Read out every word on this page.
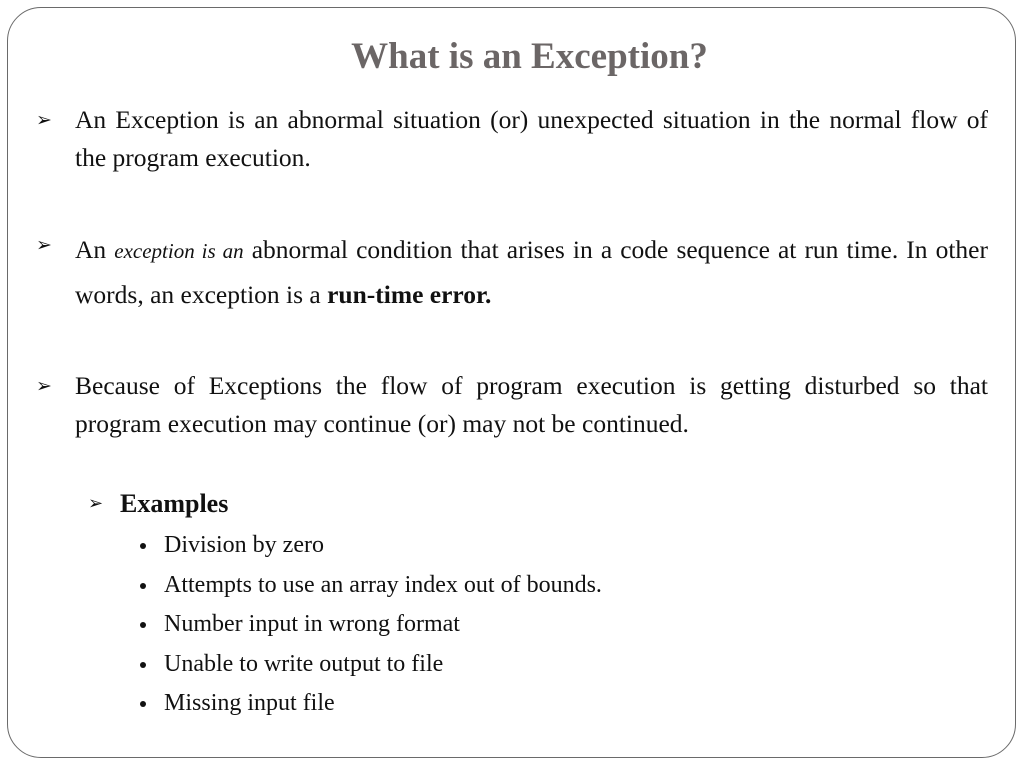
What is an Exception?
➢ An Exception is an abnormal situation (or) unexpected situation in the normal flow of the program execution.

➢ An exception is an abnormal condition that arises in a code sequence at run time. In other words, an exception is a run-time error.

➢ Because of Exceptions the flow of program execution is getting disturbed so that program execution may continue (or) may not be continued.

➢ Examples

Division by zero
Attempts to use an array index out of bounds.
Number input in wrong format
Unable to write output to file
Missing input file
